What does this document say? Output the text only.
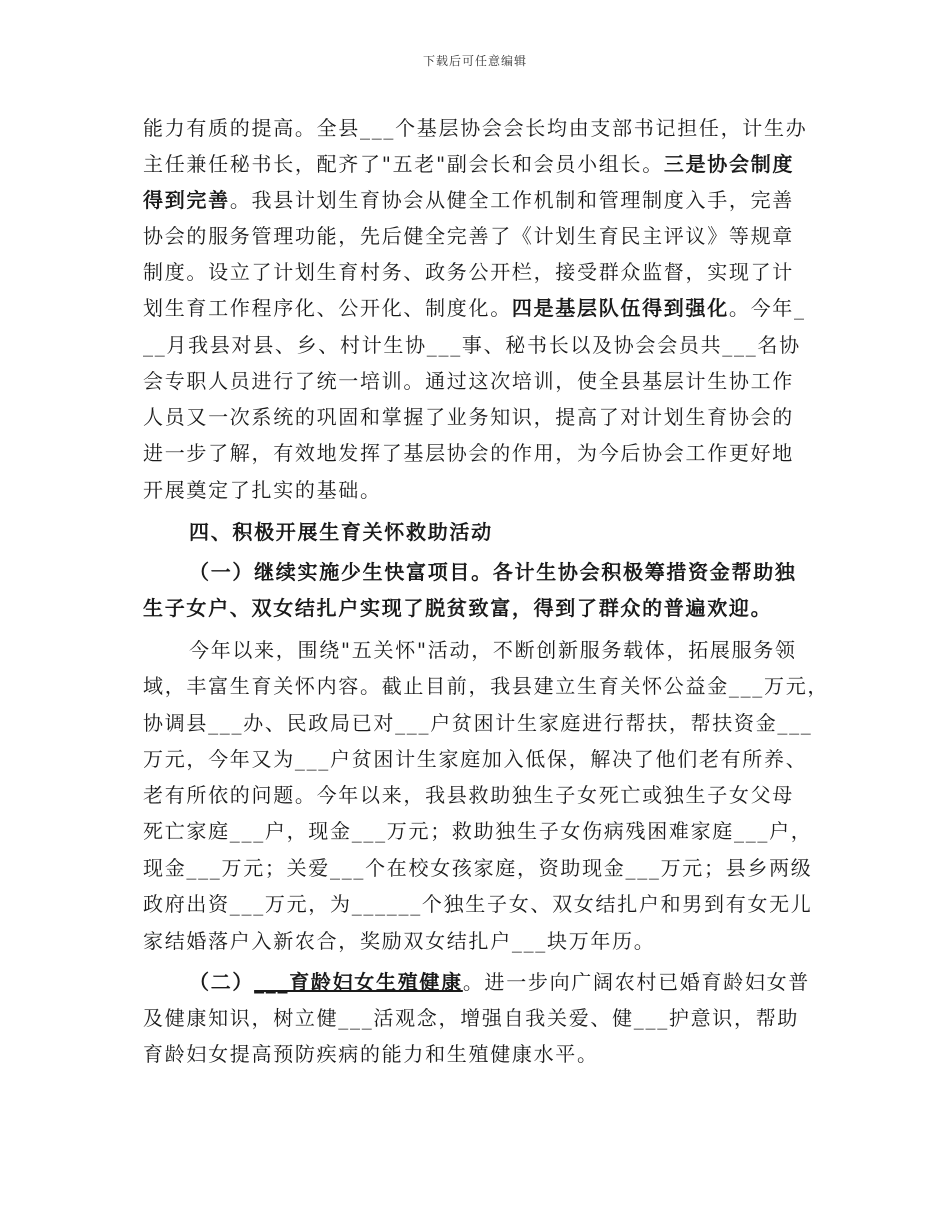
下载后可任意编辑
能力有质的提高。全县___个基层协会会长均由支部书记担任，计生办
主任兼任秘书长，配齐了"五老"副会长和会员小组长。三是协会制度
得到完善。我县计划生育协会从健全工作机制和管理制度入手，完善
协会的服务管理功能，先后健全完善了《计划生育民主评议》等规章
制度。设立了计划生育村务、政务公开栏，接受群众监督，实现了计
划生育工作程序化、公开化、制度化。四是基层队伍得到强化。今年_
__月我县对县、乡、村计生协___事、秘书长以及协会会员共___名协
会专职人员进行了统一培训。通过这次培训，使全县基层计生协工作
人员又一次系统的巩固和掌握了业务知识，提高了对计划生育协会的
进一步了解，有效地发挥了基层协会的作用，为今后协会工作更好地
开展奠定了扎实的基础。
四、积极开展生育关怀救助活动
（一）继续实施少生快富项目。各计生协会积极筹措资金帮助独
生子女户、双女结扎户实现了脱贫致富，得到了群众的普遍欢迎。
今年以来，围绕"五关怀"活动，不断创新服务载体，拓展服务领
域，丰富生育关怀内容。截止目前，我县建立生育关怀公益金___万元，
协调县___办、民政局已对___户贫困计生家庭进行帮扶，帮扶资金___
万元，今年又为___户贫困计生家庭加入低保，解决了他们老有所养、
老有所依的问题。今年以来，我县救助独生子女死亡或独生子女父母
死亡家庭___户，现金___万元；救助独生子女伤病残困难家庭___户，
现金___万元；关爱___个在校女孩家庭，资助现金___万元；县乡两级
政府出资___万元，为______个独生子女、双女结扎户和男到有女无儿
家结婚落户入新农合，奖励双女结扎户___块万年历。
（二）___育龄妇女生殖健康。进一步向广阔农村已婚育龄妇女普
及健康知识，树立健___活观念，增强自我关爱、健___护意识，帮助
育龄妇女提高预防疾病的能力和生殖健康水平。
